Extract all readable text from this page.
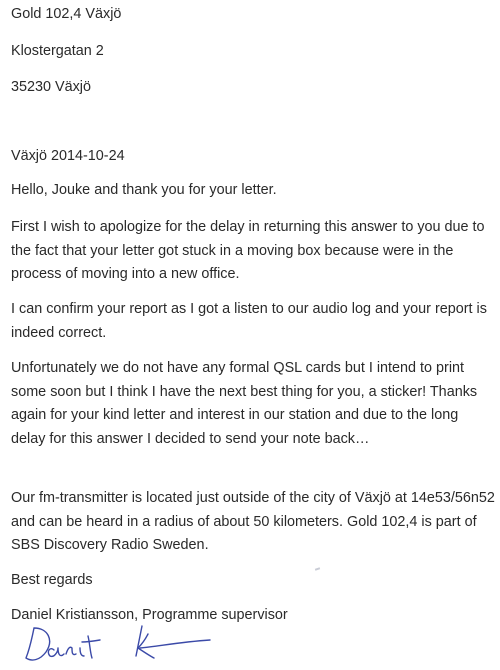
Gold 102,4 Växjö
Klostergatan 2
35230 Växjö
Växjö 2014-10-24
Hello, Jouke and thank you for your letter.

First I wish to apologize for the delay in returning this answer to you due to the fact that your letter got stuck in a moving box because were in the process of moving into a new office.

I can confirm your report as I got a listen to our audio log and your report is indeed correct.

Unfortunately we do not have any formal QSL cards but I intend to print some soon but I think I have the next best thing for you, a sticker! Thanks again for your kind letter and interest in our station and due to the long delay for this answer I decided to send your note back…

Our fm-transmitter is located just outside of the city of Växjö at 14e53/56n52 and can be heard in a radius of about 50 kilometers. Gold 102,4 is part of SBS Discovery Radio Sweden.

Best regards
Daniel Kristiansson, Programme supervisor
